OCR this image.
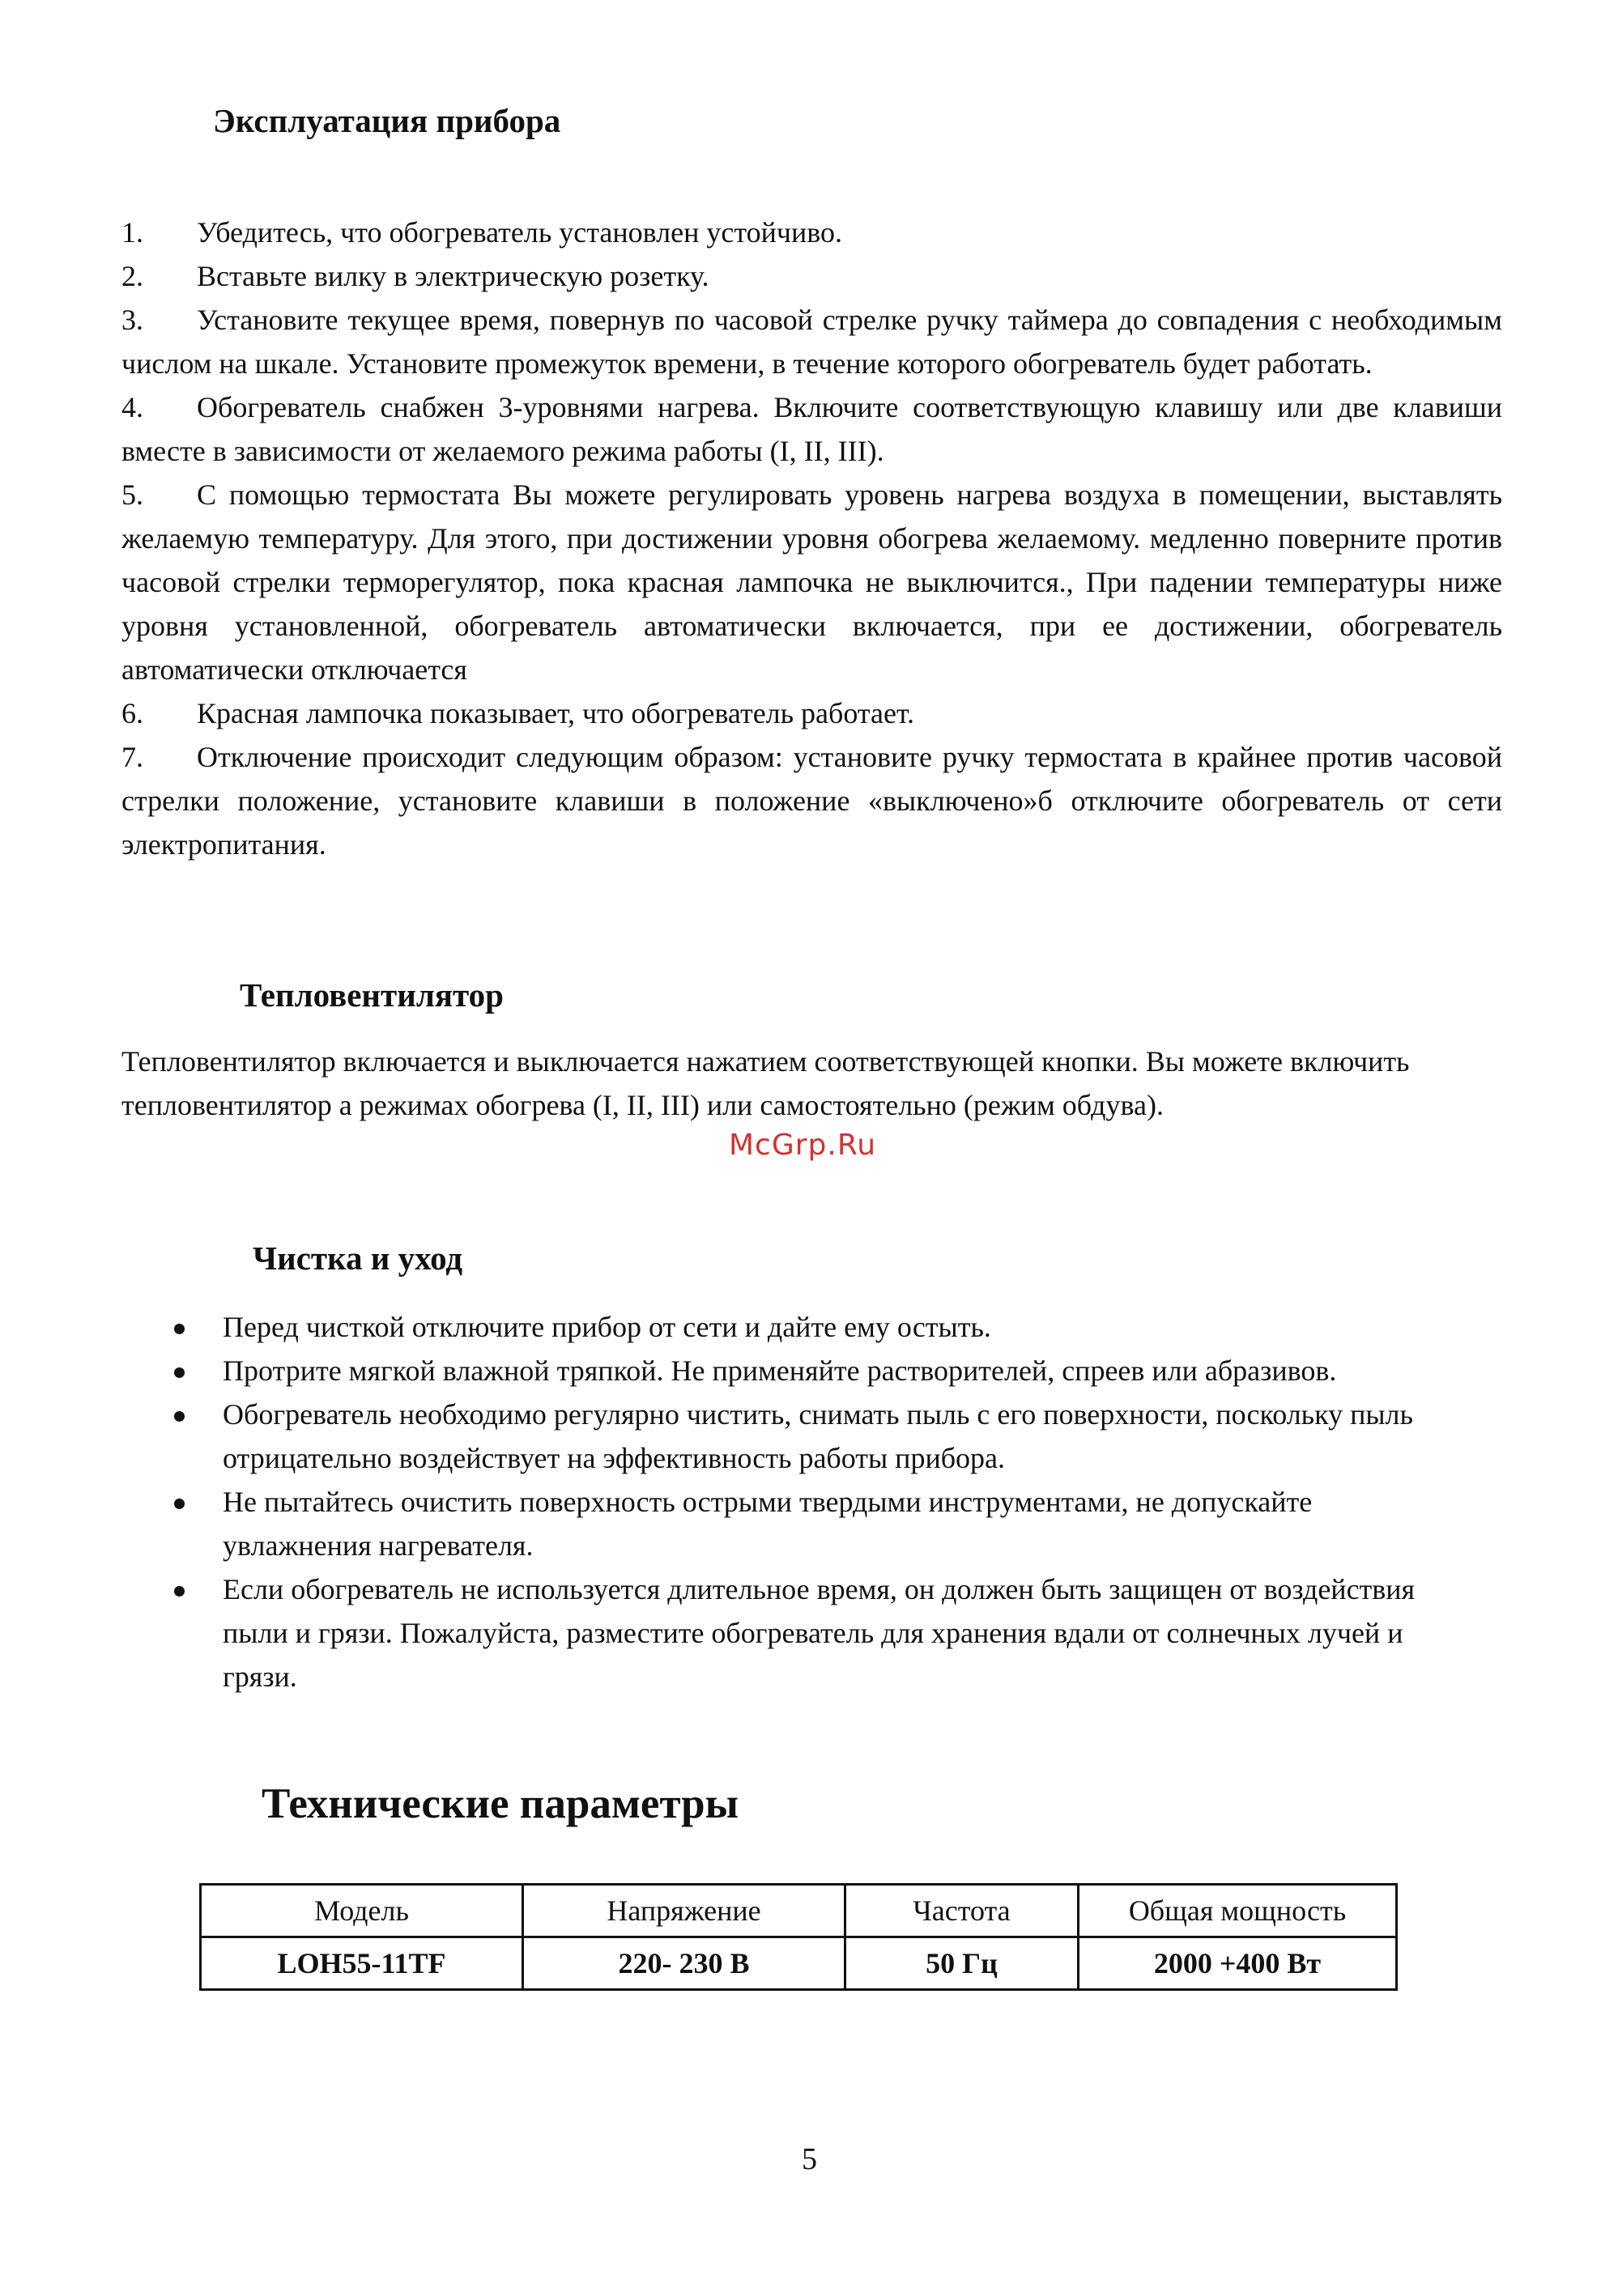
Эксплуатация прибора

1. Убедитесь, что обогреватель установлен устойчиво.

2. Вставьте вилку в электрическую розетку.

3. Установите текущее время, повернув по часовой стрелке ручку таймера до совпадения с необходимым числом на шкале. Установите промежуток времени, в течение которого обогреватель будет работать.

4. Обогреватель снабжен 3-уровнями нагрева. Включите соответствующую клавишу или две клавиши вместе в зависимости от желаемого режима работы (I, II, III).

5. С помощью термостата Вы можете регулировать уровень нагрева воздуха в помещении, выставлять желаемую температуру. Для этого, при достижении уровня обогрева желаемому. медленно поверните против часовой стрелки терморегулятор, пока красная лампочка не выключится., При падении температуры ниже уровня установленной, обогреватель автоматически включается, при ее достижении, обогреватель автоматически отключается

6. Красная лампочка показывает, что обогреватель работает.

7. Отключение происходит следующим образом: установите ручку термостата в крайнее против часовой стрелки положение, установите клавиши в положение «выключено»б отключите обогреватель от сети электропитания.

Тепловентилятор

Тепловентилятор включается и выключается нажатием соответствующей кнопки. Вы можете включить тепловентилятор а режимах обогрева (I, II, III) или самостоятельно (режим обдува).

McGrp.Ru
Чистка и уход
Перед чисткой отключите прибор от сети и дайте ему остыть.
Протрите мягкой влажной тряпкой. Не применяйте растворителей, спреев или абразивов.
Обогреватель необходимо регулярно чистить, снимать пыль с его поверхности, поскольку пыль отрицательно воздействует на эффективность работы прибора.
Не пытайтесь очистить поверхность острыми твердыми инструментами, не допускайте увлажнения нагревателя.
Если обогреватель не используется длительное время, он должен быть защищен от воздействия пыли и грязи. Пожалуйста, разместите обогреватель для хранения вдали от солнечных лучей и грязи.
Технические параметры
Модель	Напряжение	Частота	Общая мощность
LOH55-11TF	220- 230 В	50 Гц	2000 +400 Вт
5
